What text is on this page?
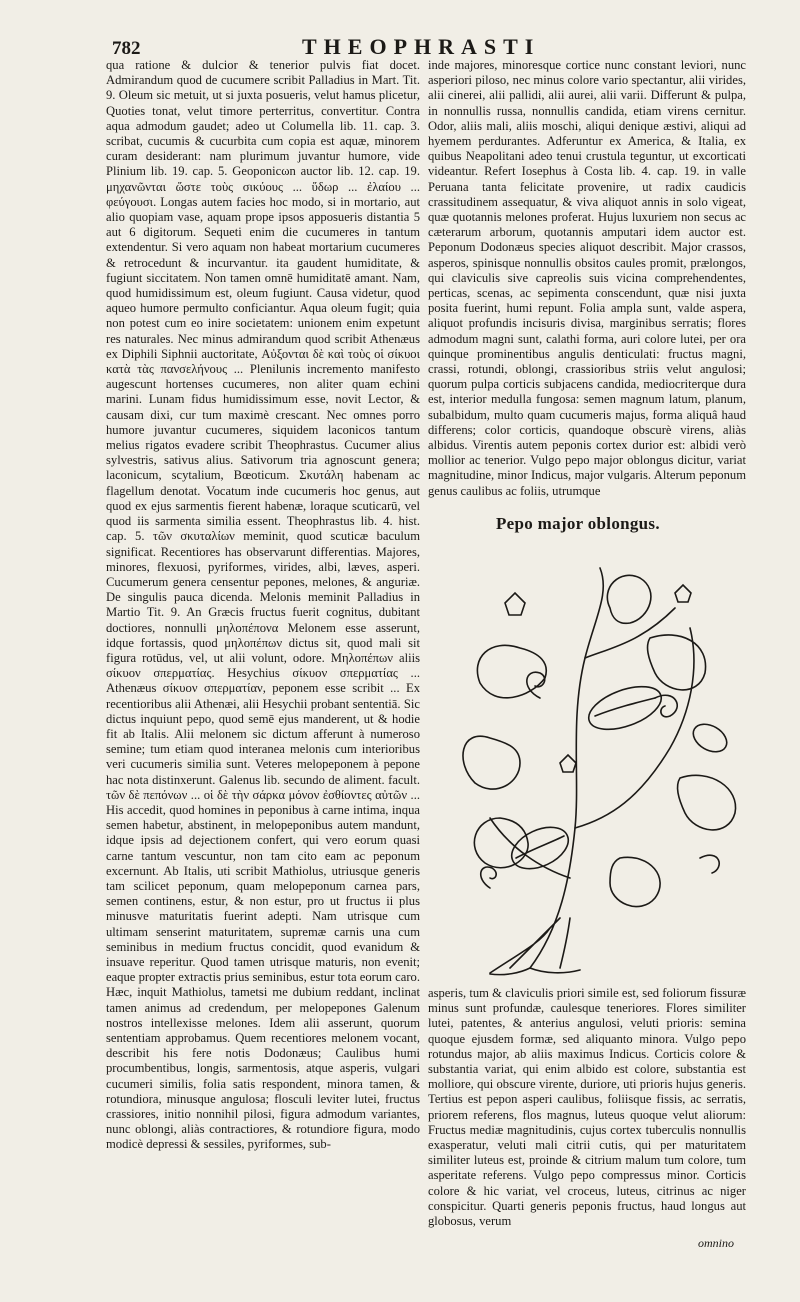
782	THEOPHRASTI

qua ratione & dulcior & tenerior pulvis fiat docet. Admirandum quod de cucumere scribit Palladius in Mart. Tit. 9. Oleum sic metuit, ut si juxta posueris, velut hamus plicetur, Quoties tonat, velut timore perterritus, convertitur. Contra aqua admodum gaudet; adeo ut Columella lib. 11. cap. 3. scribat, cucumis & cucurbita cum copia est aquæ, minorem curam desiderant: nam plurimum juvantur humore, vide Plinium lib. 19. cap. 5. Geoponicωn auctor lib. 12. cap. 19. μηχανῶνται ὥστε τοὺς σικύους ... ὕδωρ ... ἐλαίου ... φεύγουσι. Longas autem facies hoc modo, si in mortario, aut alio quopiam vase, aquam prope ipsos apposueris distantia 5 aut 6 digitorum. Sequeti enim die cucumeres in tantum extendentur. Si vero aquam non habeat mortarium cucumeres & retrocedunt & incurvantur. ita gaudent humiditate, & fugiunt siccitatem. Non tamen omnē humiditatē amant. Nam, quod humidissimum est, oleum fugiunt. Causa videtur, quod aqueo humore permulto conficiantur. Aqua oleum fugit; quia non potest cum eo inire societatem: unionem enim expetunt res naturales. Nec minus admirandum quod scribit Athenæus ex Diphili Siphnii auctoritate, Αὐξονται δὲ καὶ τοὺς οἱ σίκυοι κατὰ τὰς πανσελήνους ... Plenilunis incremento manifesto augescunt hortenses cucumeres, non aliter quam echini marini. Lunam fidus humidissimum esse, novit Lector, & causam dixi, cur tum maximè crescant. Nec omnes porro humore juvantur cucumeres, siquidem laconicos tantum melius rigatos evadere scribit Theophrastus. Cucumer alius sylvestris, sativus alius. Sativorum tria agnoscunt genera; laconicum, scytalium, Bœoticum. Σκυτάλη habenam ac flagellum denotat. Vocatum inde cucumeris hoc genus, aut quod ex ejus sarmentis fierent habenæ, loraque scuticarū, vel quod iis sarmenta similia essent. Theophrastus lib. 4. hist. cap. 5. τῶν σκυταλίων meminit, quod scuticæ baculum significat. Recentiores has observarunt differentias. Majores, minores, flexuosi, pyriformes, virides, albi, læves, asperi. Cucumerum genera censentur pepones, melones, & anguriæ. De singulis pauca dicenda. Melonis meminit Palladius in Martio Tit. 9. An Græcis fructus fuerit cognitus, dubitant doctiores, nonnulli μηλοπέπονα Melonem esse asserunt, idque fortassis, quod μηλοπέπων dictus sit, quod mali sit figura rotūdus, vel, ut alii volunt, odore. Μηλοπέπων aliis σίκυον σπερματίας. Hesychius σίκυον σπερματίας ... Athenæus σίκυον σπερματίαν, peponem esse scribit ... Ex recentioribus alii Athenæi, alii Hesychii probant sententiā. Sic dictus inquiunt pepo, quod semē ejus manderent, ut & hodie fit ab Italis. Alii melonem sic dictum afferunt à numeroso semine; tum etiam quod interanea melonis cum interioribus veri cucumeris similia sunt. Veteres melopeponem à pepone hac nota distinxerunt. Galenus lib. secundo de aliment. facult. τῶν δὲ πεπόνων ... οἱ δὲ τὴν σάρκα μόνον ἐσθίοντες αὐτῶν ... His accedit, quod homines in peponibus à carne intima, inqua semen habetur, abstinent, in melopeponibus autem mandunt, idque ipsis ad dejectionem confert, qui vero eorum quasi carne tantum vescuntur, non tam cito eam ac peponum excernunt. Ab Italis, uti scribit Mathiolus, utriusque generis tam scilicet peponum, quam melopeponum carnea pars, semen continens, estur, & non estur, pro ut fructus ii plus minusve maturitatis fuerint adepti. Nam utrisque cum ultimam senserint maturitatem, supremæ carnis una cum seminibus in medium fructus concidit, quod evanidum & insuave reperitur. Quod tamen utrisque maturis, non evenit; eaque propter extractis prius seminibus, estur tota eorum caro. Hæc, inquit Mathiolus, tametsi me dubium reddant, inclinat tamen animus ad credendum, per melopepones Galenum nostros intellexisse melones. Idem alii asserunt, quorum sententiam approbamus. Quem recentiores melonem vocant, describit his fere notis Dodonæus; Caulibus humi procumbentibus, longis, sarmentosis, atque asperis, vulgari cucumeri similis, folia satis respondent, minora tamen, & rotundiora, minusque angulosa; flosculi leviter lutei, fructus crassiores, initio nonnihil pilosi, figura admodum variantes, nunc oblongi, aliàs contractiores, & rotundiore figura, modo modicè depressi & sessiles, pyriformes, sub-

inde majores, minoresque cortice nunc constant leviori, nunc asperiori piloso, nec minus colore vario spectantur, alii virides, alii cinerei, alii pallidi, alii aurei, alii varii. Differunt & pulpa, in nonnullis russa, nonnullis candida, etiam virens cernitur. Odor, aliis mali, aliis moschi, aliqui denique æstivi, aliqui ad hyemem perdurantes. Adferuntur ex America, & Italia, ex quibus Neapolitani adeo tenui crustula teguntur, ut excorticati videantur. Refert Iosephus à Costa lib. 4. cap. 19. in valle Peruana tanta felicitate provenire, ut radix caudicis crassitudinem assequatur, & viva aliquot annis in solo vigeat, quæ quotannis melones proferat. Hujus luxuriem non secus ac cæterarum arborum, quotannis amputari idem auctor est. Peponum Dodonæus species aliquot describit. Major crassos, asperos, spinisque nonnullis obsitos caules promit, prælongos, qui claviculis sive capreolis suis vicina comprehendentes, perticas, scenas, ac sepimenta conscendunt, quæ nisi juxta posita fuerint, humi repunt. Folia ampla sunt, valde aspera, aliquot profundis incisuris divisa, marginibus serratis; flores admodum magni sunt, calathi forma, auri colore lutei, per ora quinque prominentibus angulis denticulati: fructus magni, crassi, rotundi, oblongi, crassioribus striis velut angulosi; quorum pulpa corticis subjacens candida, mediocriterque dura est, interior medulla fungosa: semen magnum latum, planum, subalbidum, multo quam cucumeris majus, forma aliquâ haud differens; color corticis, quandoque obscurè virens, aliàs albidus. Virentis autem peponis cortex durior est: albidi verò mollior ac tenerior. Vulgo pepo major oblongus dicitur, variat magnitudine, minor Indicus, major vulgaris. Alterum peponum genus caulibus ac foliis, utrumque

Pepo major oblongus.

asperis, tum & claviculis priori simile est, sed foliorum fissuræ minus sunt profundæ, caulesque teneriores. Flores similiter lutei, patentes, & anterius angulosi, veluti prioris: semina quoque ejusdem formæ, sed aliquanto minora. Vulgo pepo rotundus major, ab aliis maximus Indicus. Corticis colore & substantia variat, qui enim albido est colore, substantia est molliore, qui obscure virente, duriore, uti prioris hujus generis. Tertius est pepon asperi caulibus, foliisque fissis, ac serratis, priorem referens, flos magnus, luteus quoque velut aliorum: Fructus mediæ magnitudinis, cujus cortex tuberculis nonnullis exasperatur, veluti mali citrii cutis, qui per maturitatem similiter luteus est, proinde & citrium malum tum colore, tum asperitate referens. Vulgo pepo compressus minor. Corticis colore & hic variat, vel croceus, luteus, citrinus ac niger conspicitur. Quarti generis peponis fructus, haud longus aut globosus, verum

omnino
